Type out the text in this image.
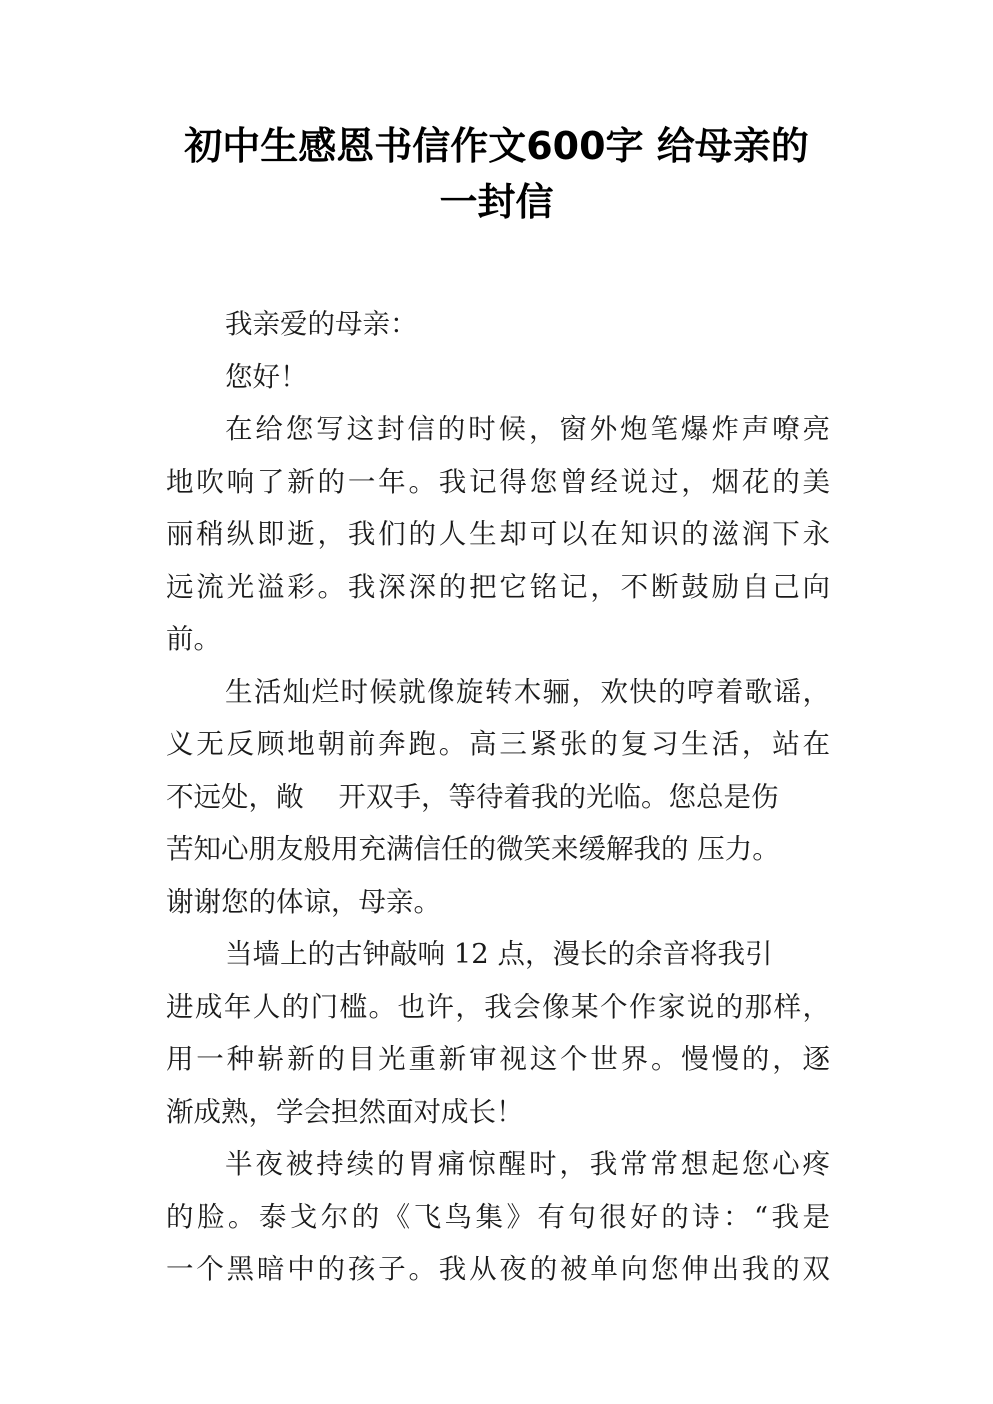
初中生感恩书信作文600字 给母亲的
一封信
我亲爱的母亲：
您好！
在给您写这封信的时候，窗外炮笔爆炸声嘹亮
地吹响了新的一年。我记得您曾经说过，烟花的美
丽稍纵即逝，我们的人生却可以在知识的滋润下永
远流光溢彩。我深深的把它铭记，不断鼓励自己向
前。
生活灿烂时候就像旋转木骊，欢快的哼着歌谣，
义无反顾地朝前奔跑。高三紧张的复习生活，站在
不远处，敞    开双手，等待着我的光临。您总是伤
苦知心朋友般用充满信任的微笑来缓解我的 压力。
谢谢您的体谅，母亲。
当墙上的古钟敲响 12 点，漫长的余音将我引
进成年人的门槛。也许，我会像某个作家说的那样，
用一种崭新的目光重新审视这个世界。慢慢的，逐
渐成熟，学会担然面对成长！
半夜被持续的胃痛惊醒时，我常常想起您心疼
的脸。泰戈尔的《飞鸟集》有句很好的诗：“我是
一个黑暗中的孩子。我从夜的被单向您伸出我的双
